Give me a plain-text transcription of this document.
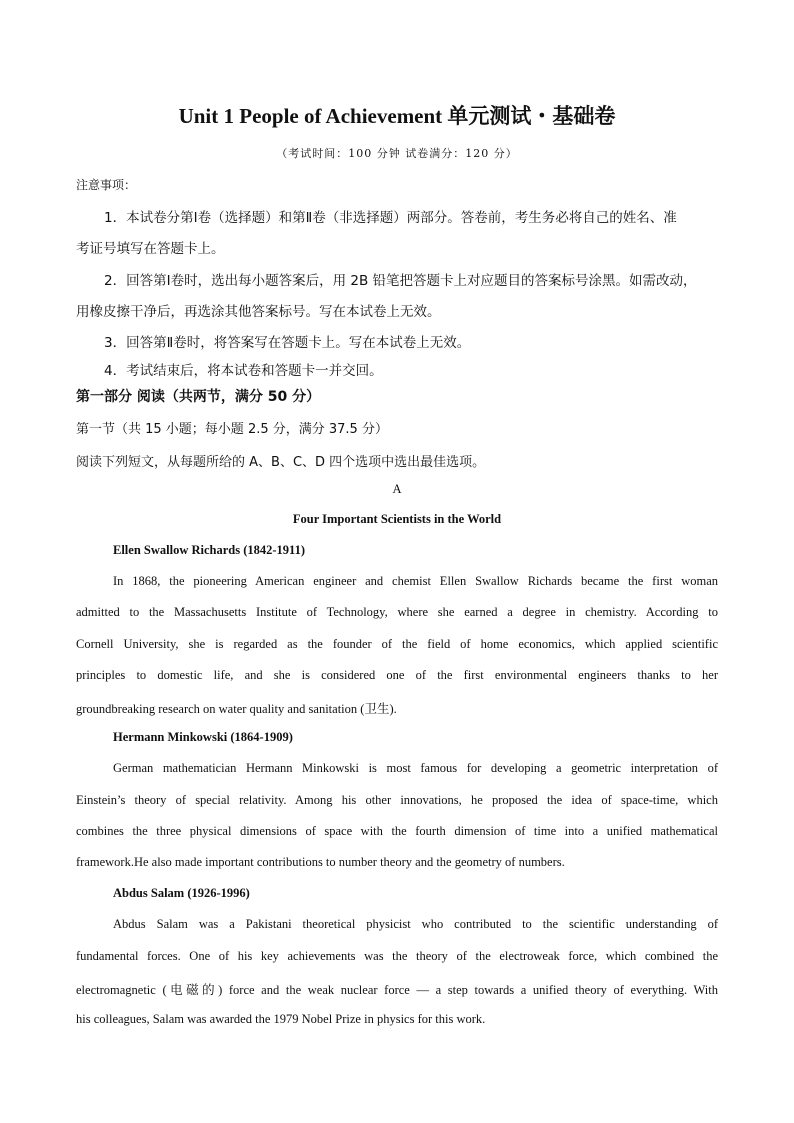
Unit 1 People of Achievement 单元测试・基础卷
（考试时间：100 分钟 试卷满分：120 分）
注意事项：
1．本试卷分第Ⅰ卷（选择题）和第Ⅱ卷（非选择题）两部分。答卷前，考生务必将自己的姓名、准
考证号填写在答题卡上。
2．回答第Ⅰ卷时，选出每小题答案后，用 2B 铅笔把答题卡上对应题目的答案标号涂黑。如需改动，
用橡皮擦干净后，再选涂其他答案标号。写在本试卷上无效。
3．回答第Ⅱ卷时，将答案写在答题卡上。写在本试卷上无效。
4．考试结束后，将本试卷和答题卡一并交回。
第一部分 阅读（共两节，满分 50 分）
第一节（共 15 小题；每小题 2.5 分，满分 37.5 分）
阅读下列短文，从每题所给的 A、B、C、D 四个选项中选出最佳选项。
A
Four Important Scientists in the World
Ellen Swallow Richards (1842-1911)
In 1868, the pioneering American engineer and chemist Ellen Swallow Richards became the first woman
admitted to the Massachusetts Institute of Technology, where she earned a degree in chemistry. According to
Cornell University, she is regarded as the founder of the field of home economics, which applied scientific
principles to domestic life, and she is considered one of the first environmental engineers thanks to her
groundbreaking research on water quality and sanitation (卫生).
Hermann Minkowski (1864-1909)
German mathematician Hermann Minkowski is most famous for developing a geometric interpretation of
Einstein’s theory of special relativity. Among his other innovations, he proposed the idea of space-time, which
combines the three physical dimensions of space with the fourth dimension of time into a unified mathematical
framework.He also made important contributions to number theory and the geometry of numbers.
Abdus Salam (1926-1996)
Abdus Salam was a Pakistani theoretical physicist who contributed to the scientific understanding of
fundamental forces. One of his key achievements was the theory of the electroweak force, which combined the
electromagnetic (电磁的) force and the weak nuclear force — a step towards a unified theory of everything. With
his colleagues, Salam was awarded the 1979 Nobel Prize in physics for this work.
